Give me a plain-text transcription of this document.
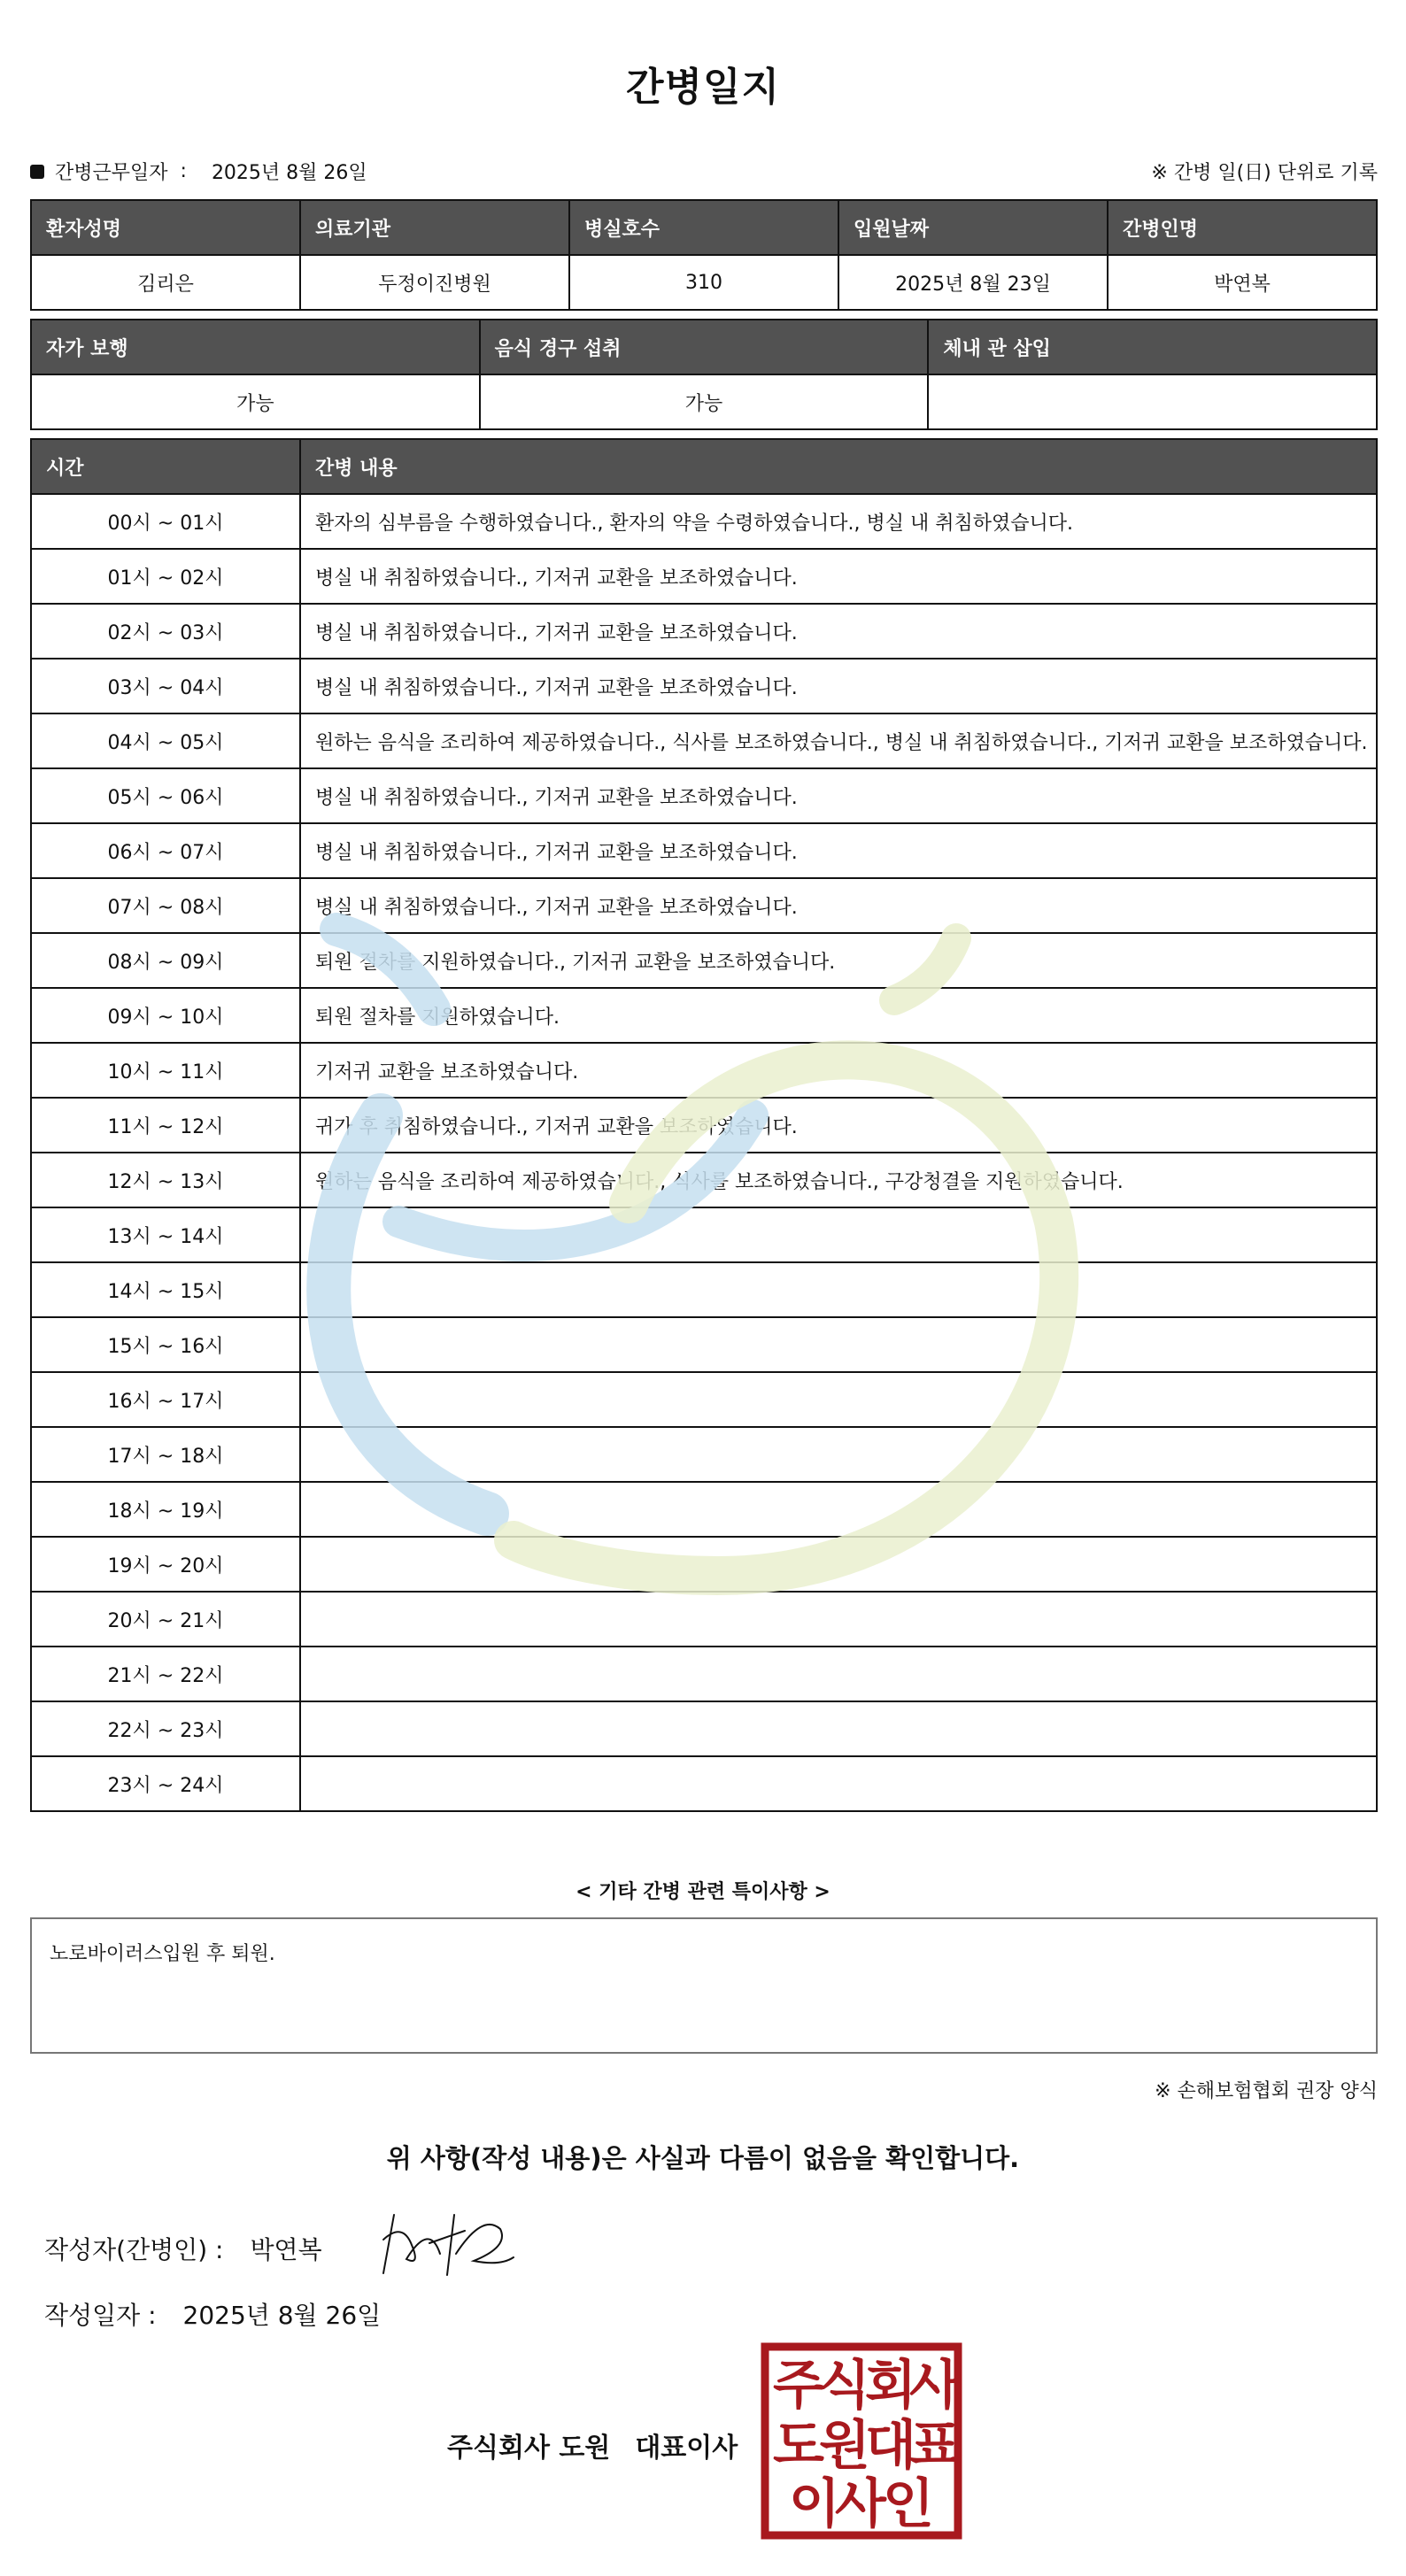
간병일지
간병근무일자 : 2025년 8월 26일	※ 간병 일(日) 단위로 기록
환자성명	의료기관	병실호수	입원날짜	간병인명
김리은	두정이진병원	310	2025년 8월 23일	박연복
자가 보행	음식 경구 섭취	체내 관 삽입
가능	가능	
시간	간병 내용
00시 ~ 01시	환자의 심부름을 수행하였습니다., 환자의 약을 수령하였습니다., 병실 내 취침하였습니다.
01시 ~ 02시	병실 내 취침하였습니다., 기저귀 교환을 보조하였습니다.
02시 ~ 03시	병실 내 취침하였습니다., 기저귀 교환을 보조하였습니다.
03시 ~ 04시	병실 내 취침하였습니다., 기저귀 교환을 보조하였습니다.
04시 ~ 05시	원하는 음식을 조리하여 제공하였습니다., 식사를 보조하였습니다., 병실 내 취침하였습니다., 기저귀 교환을 보조하였습니다.
05시 ~ 06시	병실 내 취침하였습니다., 기저귀 교환을 보조하였습니다.
06시 ~ 07시	병실 내 취침하였습니다., 기저귀 교환을 보조하였습니다.
07시 ~ 08시	병실 내 취침하였습니다., 기저귀 교환을 보조하였습니다.
08시 ~ 09시	퇴원 절차를 지원하였습니다., 기저귀 교환을 보조하였습니다.
09시 ~ 10시	퇴원 절차를 지원하였습니다.
10시 ~ 11시	기저귀 교환을 보조하였습니다.
11시 ~ 12시	귀가 후 취침하였습니다., 기저귀 교환을 보조하였습니다.
12시 ~ 13시	원하는 음식을 조리하여 제공하였습니다., 식사를 보조하였습니다., 구강청결을 지원하였습니다.
13시 ~ 14시	
14시 ~ 15시	
15시 ~ 16시	
16시 ~ 17시	
17시 ~ 18시	
18시 ~ 19시	
19시 ~ 20시	
20시 ~ 21시	
21시 ~ 22시	
22시 ~ 23시	
23시 ~ 24시	
< 기타 간병 관련 특이사항 >
노로바이러스입원 후 퇴원.
※ 손해보험협회 권장 양식
위 사항(작성 내용)은 사실과 다름이 없음을 확인합니다.
작성자(간병인) : 박연복
작성일자 : 2025년 8월 26일
주식회사 도원 대표이사
주
식
회
사
도
원
대
표
이
사
인
